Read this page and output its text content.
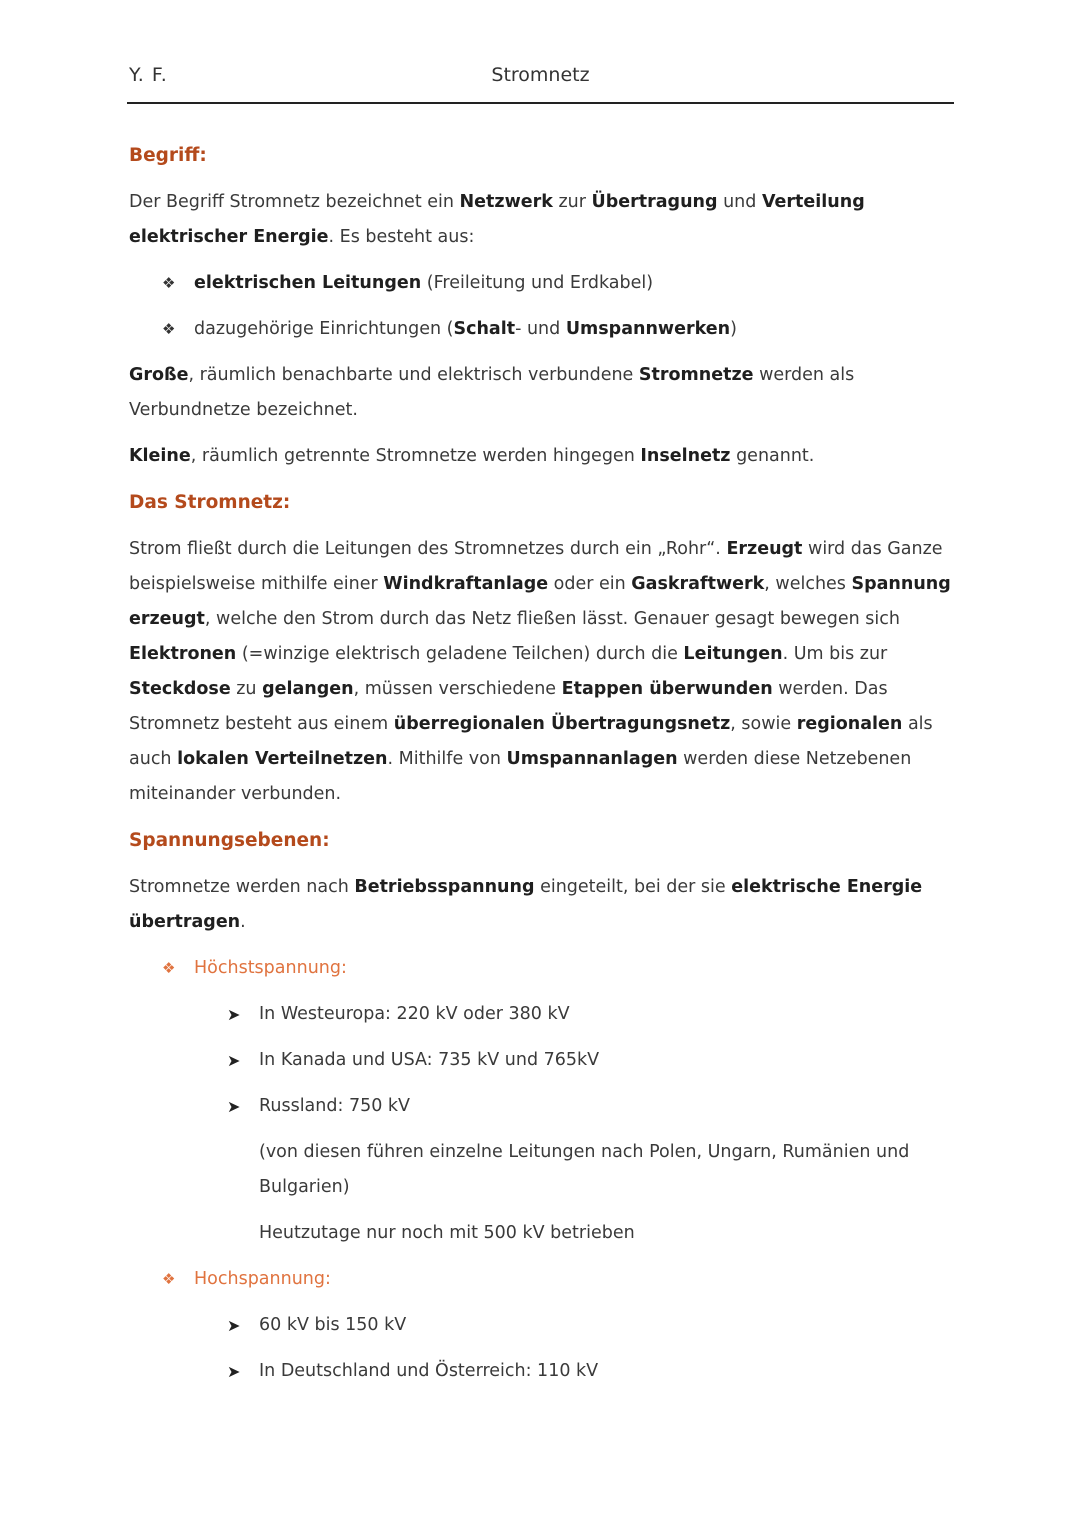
Y. F.	Stromnetz
Begriff:

Der Begriff Stromnetz bezeichnet ein Netzwerk zur Übertragung und Verteilung elektrischer Energie. Es besteht aus:

❖ elektrischen Leitungen (Freileitung und Erdkabel)
❖ dazugehörige Einrichtungen (Schalt- und Umspannwerken)

Große, räumlich benachbarte und elektrisch verbundene Stromnetze werden als Verbundnetze bezeichnet.

Kleine, räumlich getrennte Stromnetze werden hingegen Inselnetz genannt.

Das Stromnetz:

Strom fließt durch die Leitungen des Stromnetzes durch ein „Rohr“. Erzeugt wird das Ganze beispielsweise mithilfe einer Windkraftanlage oder ein Gaskraftwerk, welches Spannung erzeugt, welche den Strom durch das Netz fließen lässt. Genauer gesagt bewegen sich Elektronen (=winzige elektrisch geladene Teilchen) durch die Leitungen. Um bis zur Steckdose zu gelangen, müssen verschiedene Etappen überwunden werden. Das Stromnetz besteht aus einem überregionalen Übertragungsnetz, sowie regionalen als auch lokalen Verteilnetzen. Mithilfe von Umspannanlagen werden diese Netzebenen miteinander verbunden.

Spannungsebenen:

Stromnetze werden nach Betriebsspannung eingeteilt, bei der sie elektrische Energie übertragen.

❖ Höchstspannung:
➤ In Westeuropa: 220 kV oder 380 kV
➤ In Kanada und USA: 735 kV und 765kV
➤ Russland: 750 kV
(von diesen führen einzelne Leitungen nach Polen, Ungarn, Rumänien und Bulgarien)
Heutzutage nur noch mit 500 kV betrieben
❖ Hochspannung:
➤ 60 kV bis 150 kV
➤ In Deutschland und Österreich: 110 kV
